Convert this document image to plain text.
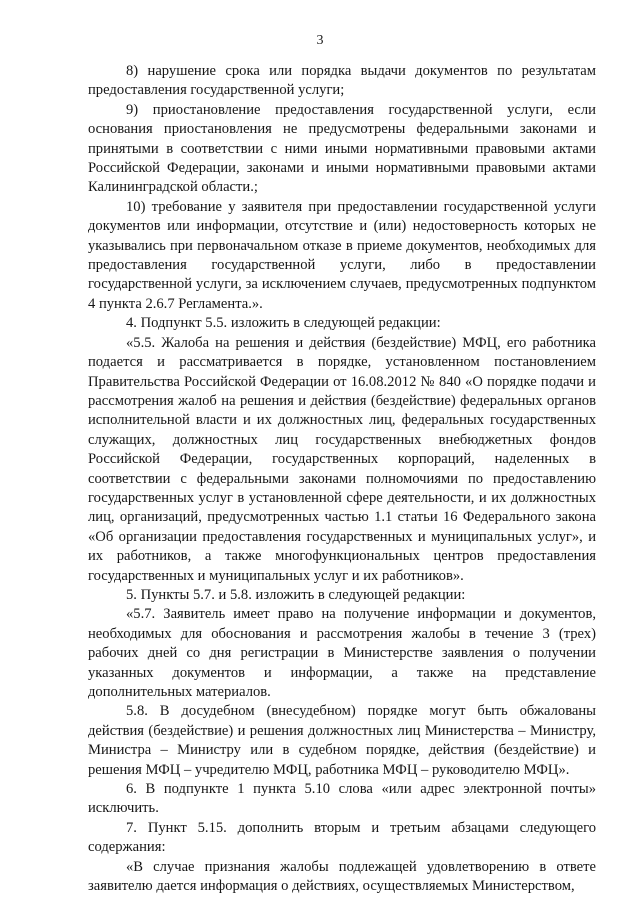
3

8) нарушение срока или порядка выдачи документов по результатам предоставления государственной услуги;

9) приостановление предоставления государственной услуги, если основания приостановления не предусмотрены федеральными законами и принятыми в соответствии с ними иными нормативными правовыми актами Российской Федерации, законами и иными нормативными правовыми актами Калининградской области.;

10) требование у заявителя при предоставлении государственной услуги документов или информации, отсутствие и (или) недостоверность которых не указывались при первоначальном отказе в приеме документов, необходимых для предоставления государственной услуги, либо в предоставлении государственной услуги, за исключением случаев, предусмотренных подпунктом 4 пункта 2.6.7 Регламента.».

4. Подпункт 5.5. изложить в следующей редакции:

«5.5. Жалоба на решения и действия (бездействие) МФЦ, его работника подается и рассматривается в порядке, установленном постановлением Правительства Российской Федерации от 16.08.2012 № 840 «О порядке подачи и рассмотрения жалоб на решения и действия (бездействие) федеральных органов исполнительной власти и их должностных лиц, федеральных государственных служащих, должностных лиц государственных внебюджетных фондов Российской Федерации, государственных корпораций, наделенных в соответствии с федеральными законами полномочиями по предоставлению государственных услуг в установленной сфере деятельности, и их должностных лиц, организаций, предусмотренных частью 1.1 статьи 16 Федерального закона «Об организации предоставления государственных и муниципальных услуг», и их работников, а также многофункциональных центров предоставления государственных и муниципальных услуг и их работников».

5. Пункты 5.7. и 5.8. изложить в следующей редакции:

«5.7. Заявитель имеет право на получение информации и документов, необходимых для обоснования и рассмотрения жалобы в течение 3 (трех) рабочих дней со дня регистрации в Министерстве заявления о получении указанных документов и информации, а также на представление дополнительных материалов.

5.8. В досудебном (внесудебном) порядке могут быть обжалованы действия (бездействие) и решения должностных лиц Министерства – Министру, Министра – Министру или в судебном порядке, действия (бездействие) и решения МФЦ – учредителю МФЦ, работника МФЦ – руководителю МФЦ».

6. В подпункте 1 пункта 5.10 слова «или адрес электронной почты» исключить.

7. Пункт 5.15. дополнить вторым и третьим абзацами следующего содержания:

«В случае признания жалобы подлежащей удовлетворению в ответе заявителю дается информация о действиях, осуществляемых Министерством,
